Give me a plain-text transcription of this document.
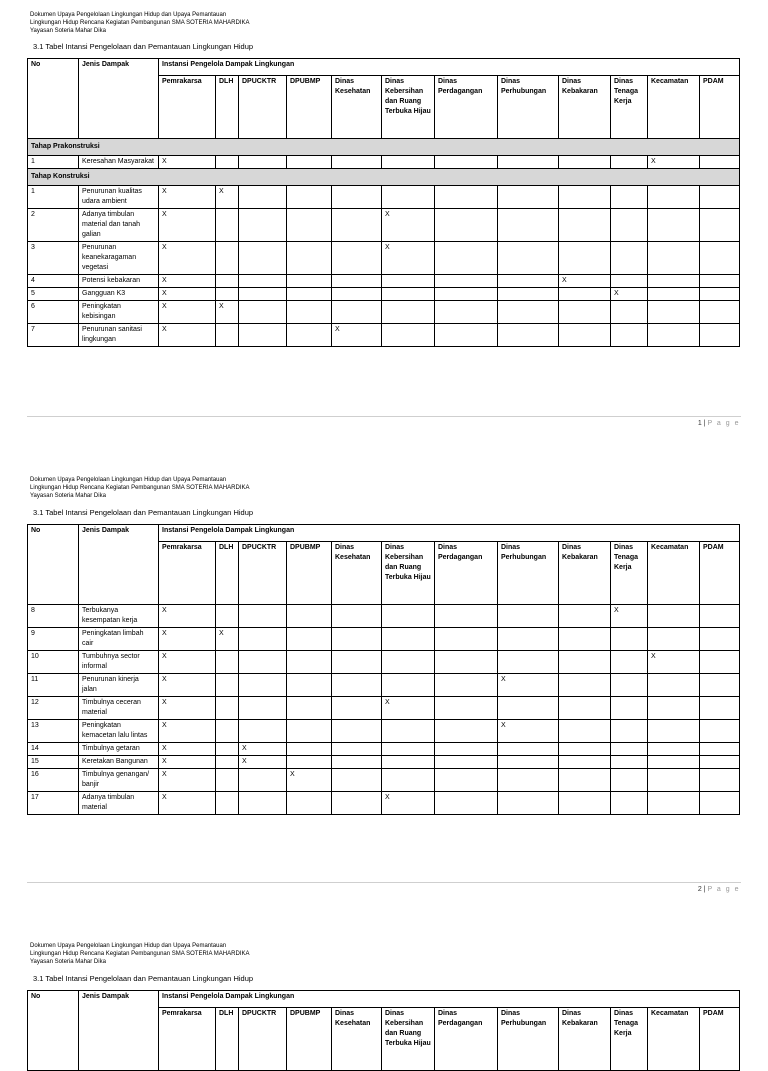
Dokumen Upaya Pengelolaan Lingkungan Hidup dan Upaya Pemantauan
Lingkungan Hidup Rencana Kegiatan Pembangunan SMA SOTERIA MAHARDIKA
Yayasan Soteria Mahar Dika
3.1 Tabel Intansi Pengelolaan dan Pemantauan Lingkungan Hidup
No	Jenis Dampak	Instansi Pengelola Dampak Lingkungan											
		Pemrakarsa	DLH	DPUCKTR	DPUBMP	Dinas Kesehatan	Dinas Kebersihan dan Ruang Terbuka Hijau	Dinas Perdagangan	Dinas Perhubungan	Dinas Kebakaran	Dinas Tenaga Kerja	Kecamatan	PDAM
Tahap Prakonstruksi													
1	Keresahan Masyarakat	X										X	
Tahap Konstruksi													
1	Penurunan kualitas udara ambient	X	X										
2	Adanya timbulan material dan tanah galian	X					X						
3	Penurunan keanekaragaman vegetasi	X					X						
4	Potensi kebakaran	X								X			
5	Gangguan K3	X									X		
6	Peningkatan kebisingan	X	X										
7	Penurunan sanitasi lingkungan	X				X							
1 | P a g e
Dokumen Upaya Pengelolaan Lingkungan Hidup dan Upaya Pemantauan
Lingkungan Hidup Rencana Kegiatan Pembangunan SMA SOTERIA MAHARDIKA
Yayasan Soteria Mahar Dika
3.1 Tabel Intansi Pengelolaan dan Pemantauan Lingkungan Hidup
No	Jenis Dampak	Instansi Pengelola Dampak Lingkungan											
		Pemrakarsa	DLH	DPUCKTR	DPUBMP	Dinas Kesehatan	Dinas Kebersihan dan Ruang Terbuka Hijau	Dinas Perdagangan	Dinas Perhubungan	Dinas Kebakaran	Dinas Tenaga Kerja	Kecamatan	PDAM
8	Terbukanya kesempatan kerja	X									X		
9	Peningkatan limbah cair	X	X										
10	Tumbuhnya sector informal	X										X	
11	Penurunan kinerja jalan	X							X				
12	Timbulnya ceceran material	X					X						
13	Peningkatan kemacetan lalu lintas	X							X				
14	Timbulnya getaran	X		X									
15	Keretakan Bangunan	X		X									
16	Timbulnya genangan/ banjir	X			X								
17	Adanya timbulan material	X					X						
2 | P a g e
Dokumen Upaya Pengelolaan Lingkungan Hidup dan Upaya Pemantauan
Lingkungan Hidup Rencana Kegiatan Pembangunan SMA SOTERIA MAHARDIKA
Yayasan Soteria Mahar Dika
3.1 Tabel Intansi Pengelolaan dan Pemantauan Lingkungan Hidup
No	Jenis Dampak	Instansi Pengelola Dampak Lingkungan											
		Pemrakarsa	DLH	DPUCKTR	DPUBMP	Dinas Kesehatan	Dinas Kebersihan dan Ruang Terbuka Hijau	Dinas Perdagangan	Dinas Perhubungan	Dinas Kebakaran	Dinas Tenaga Kerja	Kecamatan	PDAM
